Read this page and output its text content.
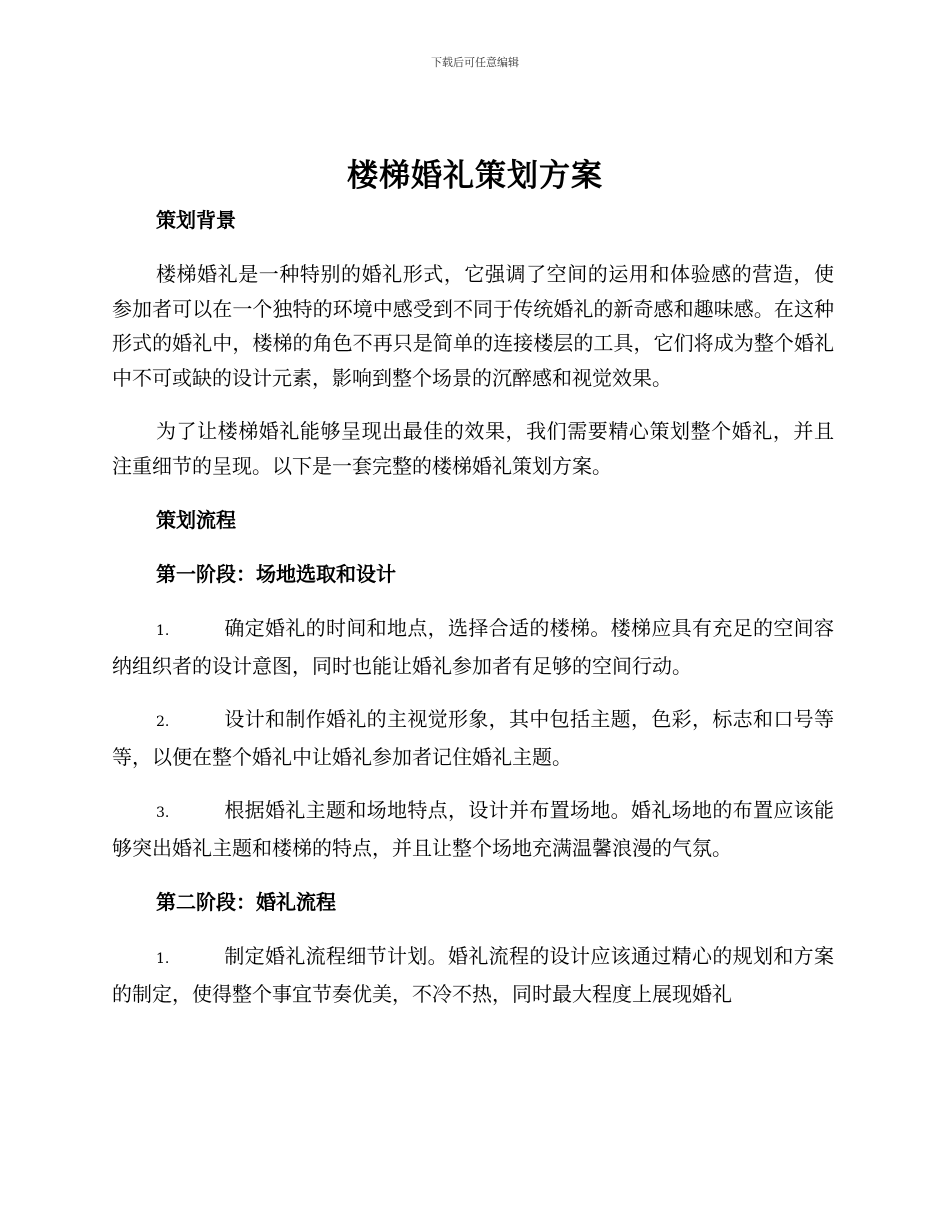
下载后可任意编辑
楼梯婚礼策划方案

策划背景

楼梯婚礼是一种特别的婚礼形式，它强调了空间的运用和体验感的营造，使参加者可以在一个独特的环境中感受到不同于传统婚礼的新奇感和趣味感。在这种形式的婚礼中，楼梯的角色不再只是简单的连接楼层的工具，它们将成为整个婚礼中不可或缺的设计元素，影响到整个场景的沉醉感和视觉效果。

为了让楼梯婚礼能够呈现出最佳的效果，我们需要精心策划整个婚礼，并且注重细节的呈现。以下是一套完整的楼梯婚礼策划方案。

策划流程

第一阶段：场地选取和设计

1.	确定婚礼的时间和地点，选择合适的楼梯。楼梯应具有充足的空间容纳组织者的设计意图，同时也能让婚礼参加者有足够的空间行动。

2.	设计和制作婚礼的主视觉形象，其中包括主题，色彩，标志和口号等等，以便在整个婚礼中让婚礼参加者记住婚礼主题。

3.	根据婚礼主题和场地特点，设计并布置场地。婚礼场地的布置应该能够突出婚礼主题和楼梯的特点，并且让整个场地充满温馨浪漫的气氛。

第二阶段：婚礼流程

1.	制定婚礼流程细节计划。婚礼流程的设计应该通过精心的规划和方案的制定，使得整个事宜节奏优美，不冷不热，同时最大程度上展现婚礼
